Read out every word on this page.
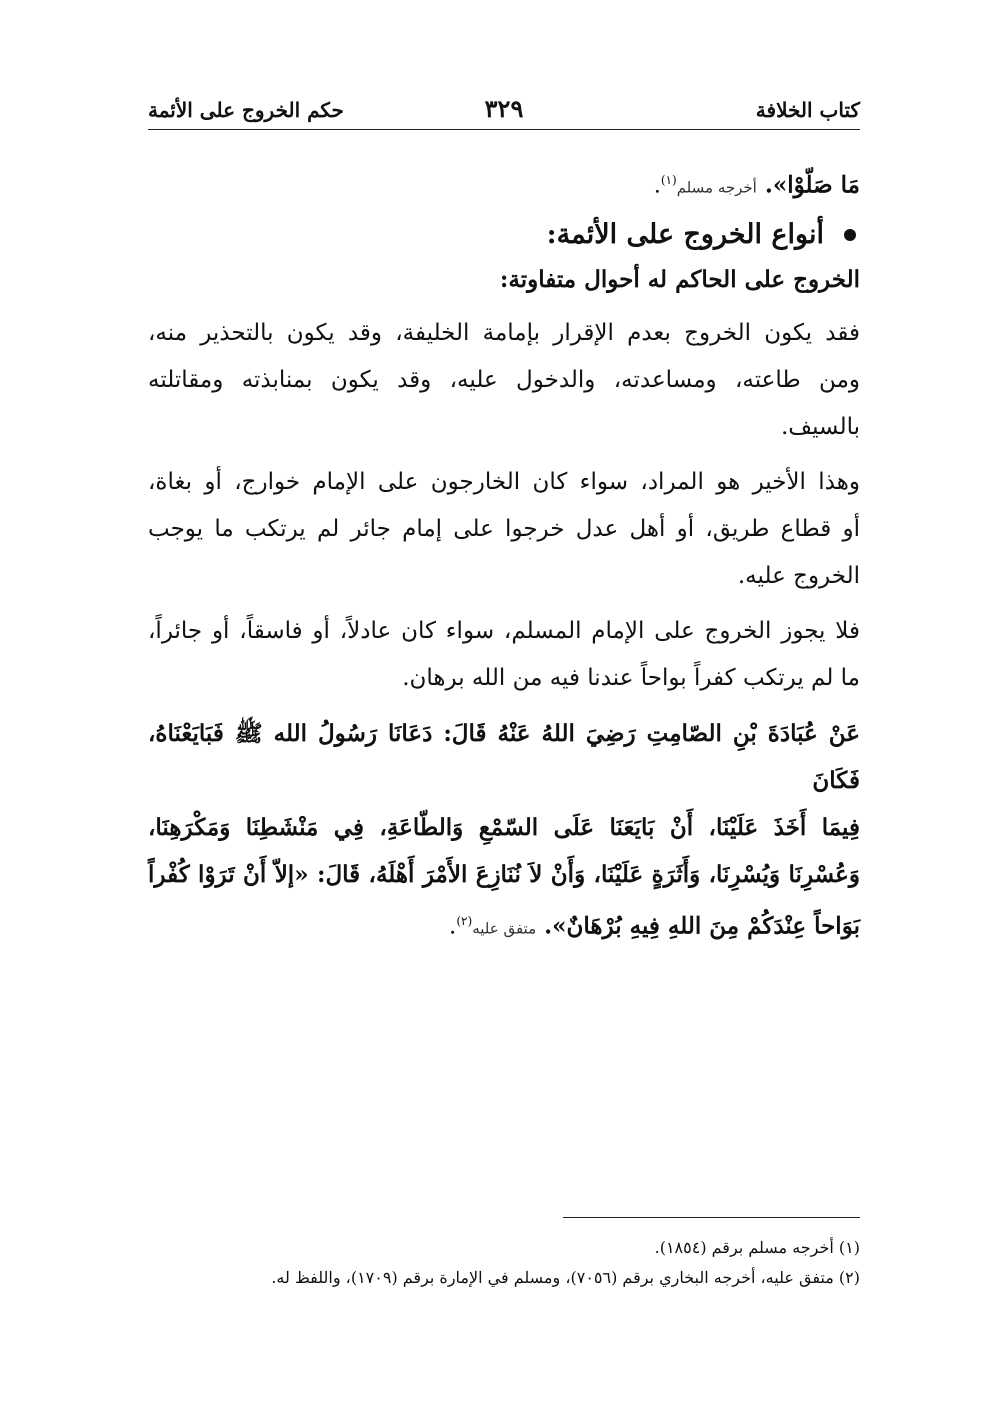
كتاب الخلافة
٣٢٩
حكم الخروج على الأئمة
مَا صَلّوْا». أخرجه مسلم$^{(١)}$.
أنواع الخروج على الأئمة:
الخروج على الحاكم له أحوال متفاوتة:
فقد يكون الخروج بعدم الإقرار بإمامة الخليفة، وقد يكون بالتحذير منه،
ومن طاعته، ومساعدته، والدخول عليه، وقد يكون بمنابذته ومقاتلته
بالسيف.
وهذا الأخير هو المراد، سواء كان الخارجون على الإمام خوارج، أو بغاة،
أو قطاع طريق، أو أهل عدل خرجوا على إمام جائر لم يرتكب ما يوجب
الخروج عليه.
فلا يجوز الخروج على الإمام المسلم، سواء كان عادلاً، أو فاسقاً، أو جائراً،
ما لم يرتكب كفراً بواحاً عندنا فيه من الله برهان.
عَنْ عُبَادَةَ بْنِ الصّامِتِ رَضِيَ اللهُ عَنْهُ قَالَ: دَعَانَا رَسُولُ الله ﷺ فَبَايَعْنَاهُ، فَكَانَ
فِيمَا أَخَذَ عَلَيْنَا، أَنْ بَايَعَنَا عَلَى السّمْعِ وَالطّاعَةِ، فِي مَنْشَطِنَا وَمَكْرَهِنَا،
وَعُسْرِنَا وَيُسْرِنَا، وَأَثَرَةٍ عَلَيْنَا، وَأَنْ لاَ نُنَازِعَ الأَمْرَ أَهْلَهُ، قَالَ: «إلاّ أَنْ تَرَوْا كُفْراً
بَوَاحاً عِنْدَكُمْ مِنَ اللهِ فِيهِ بُرْهَانٌ». متفق عليه$^{(٢)}$.
(١) أخرجه مسلم برقم (١٨٥٤).
(٢) متفق عليه، أخرجه البخاري برقم (٧٠٥٦)، ومسلم في الإمارة برقم (١٧٠٩)، واللفظ له.
